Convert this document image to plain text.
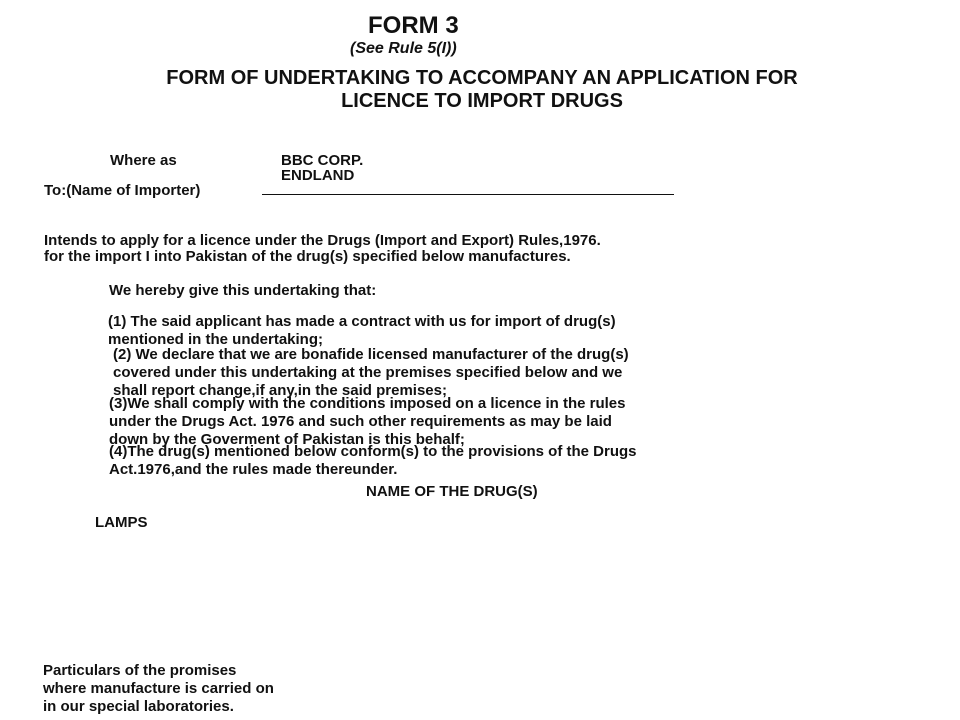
FORM 3
(See Rule 5(I))
FORM OF UNDERTAKING TO ACCOMPANY AN APPLICATION FOR
LICENCE TO IMPORT DRUGS
Where as	BBC CORP.
ENDLAND
To:(Name of Importer)
Intends to apply for a licence under the Drugs (Import and Export) Rules,1976.
for the import I into Pakistan of the drug(s) specified below manufactures.
We hereby give this undertaking that:
(1) The said applicant has made a contract with us for import of drug(s)
mentioned in the undertaking;
(2) We declare that we are bonafide licensed manufacturer of the drug(s)
covered under this undertaking at the premises specified below and we
shall report change,if any,in the said premises;
(3)We shall comply with the conditions imposed on a licence in the rules
under the Drugs Act. 1976 and such other requirements as may be laid
down by the Goverment of Pakistan is this behalf;
(4)The drug(s) mentioned below conform(s) to the provisions of the Drugs
Act.1976,and the rules made thereunder.
NAME OF THE DRUG(S)
LAMPS
Particulars of the promises
where manufacture is carried on
in our special laboratories.
